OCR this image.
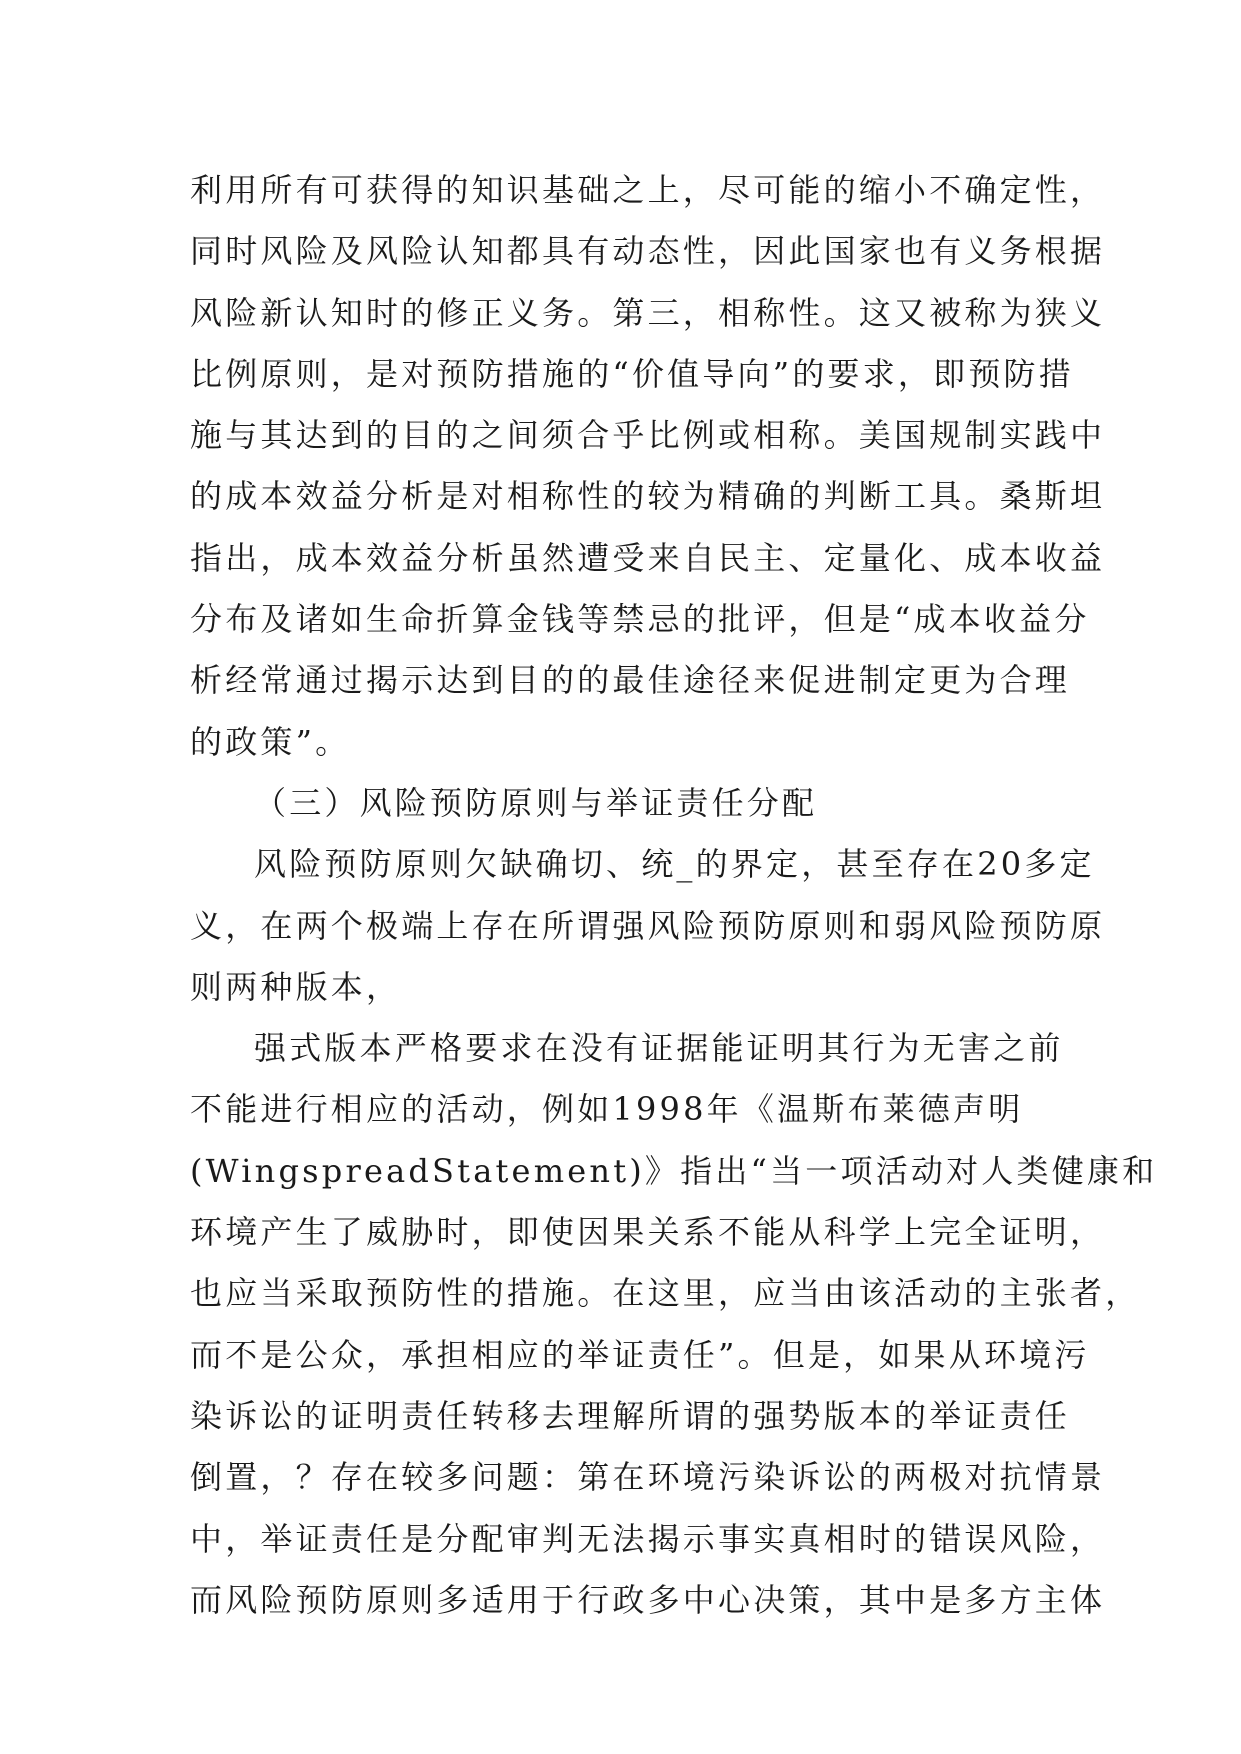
利用所有可获得的知识基础之上，尽可能的缩小不确定性，
同时风险及风险认知都具有动态性，因此国家也有义务根据
风险新认知时的修正义务。第三，相称性。这又被称为狭义
比例原则，是对预防措施的“价值导向”的要求，即预防措
施与其达到的目的之间须合乎比例或相称。美国规制实践中
的成本效益分析是对相称性的较为精确的判断工具。桑斯坦
指出，成本效益分析虽然遭受来自民主、定量化、成本收益
分布及诸如生命折算金钱等禁忌的批评，但是“成本收益分
析经常通过揭示达到目的的最佳途径来促进制定更为合理
的政策”。
（三）风险预防原则与举证责任分配
风险预防原则欠缺确切、统_的界定，甚至存在20多定
义，在两个极端上存在所谓强风险预防原则和弱风险预防原
则两种版本，
强式版本严格要求在没有证据能证明其行为无害之前
不能进行相应的活动，例如1998年《温斯布莱德声明
(WingspreadStatement)》指出“当一项活动对人类健康和
环境产生了威胁时，即使因果关系不能从科学上完全证明，
也应当采取预防性的措施。在这里，应当由该活动的主张者，
而不是公众，承担相应的举证责任”。但是，如果从环境污
染诉讼的证明责任转移去理解所谓的强势版本的举证责任
倒置，？存在较多问题：第在环境污染诉讼的两极对抗情景
中，举证责任是分配审判无法揭示事实真相时的错误风险，
而风险预防原则多适用于行政多中心决策，其中是多方主体
